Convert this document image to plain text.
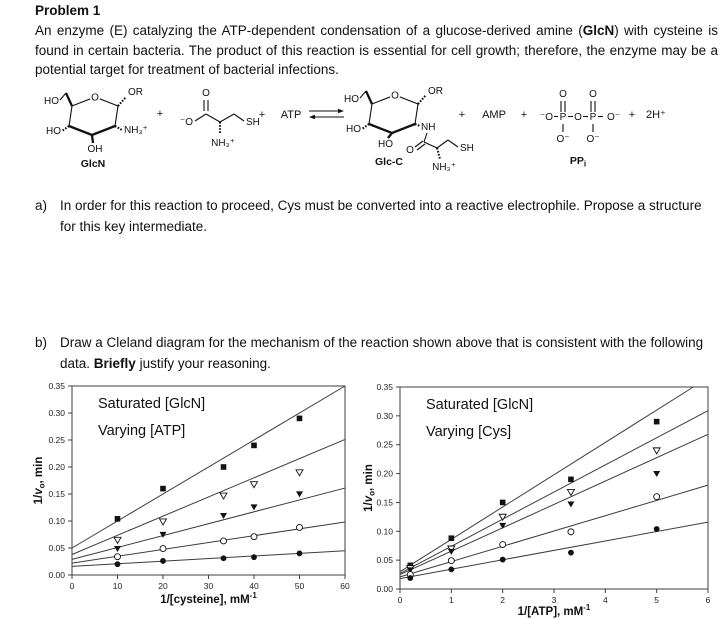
Problem 1

An enzyme (E) catalyzing the ATP-dependent condensation of a glucose-derived amine (GlcN) with cysteine is found in certain bacteria. The product of this reaction is essential for cell growth; therefore, the enzyme may be a potential target for treatment of bacterial infections.

O
HO
OR
NH₃⁺
OH
HO
GlcN
+
⁻O
O
NH₃⁺
SH
+ ATP
O
HO
OR
HO
HO
NH
O
NH₃⁺
SH
Glc-C
+ AMP +
O O
⁻O P O P O⁻
O⁻ O⁻
$PP_i$
+ 2H⁺
a) In order for this reaction to proceed, Cys must be converted into a reactive electrophile. Propose a structure for this key intermediate.
b) Draw a Cleland diagram for the mechanism of the reaction shown above that is consistent with the following data. Briefly justify your reasoning.
0	10	20	30	40	50	60
0.00
0.05
0.10
0.15
0.20
0.25
0.30
0.35
Saturated [GlcN]
Varying [ATP]
1/[cysteine], $mM^{-1}$
$1/v_o$, min
0	1	2	3	4	5	6
0.00
0.05
0.10
0.15
0.20
0.25
0.30
0.35
Saturated [GlcN]
Varying [Cys]
1/[ATP], $mM^{-1}$
$1/v_o$, min
